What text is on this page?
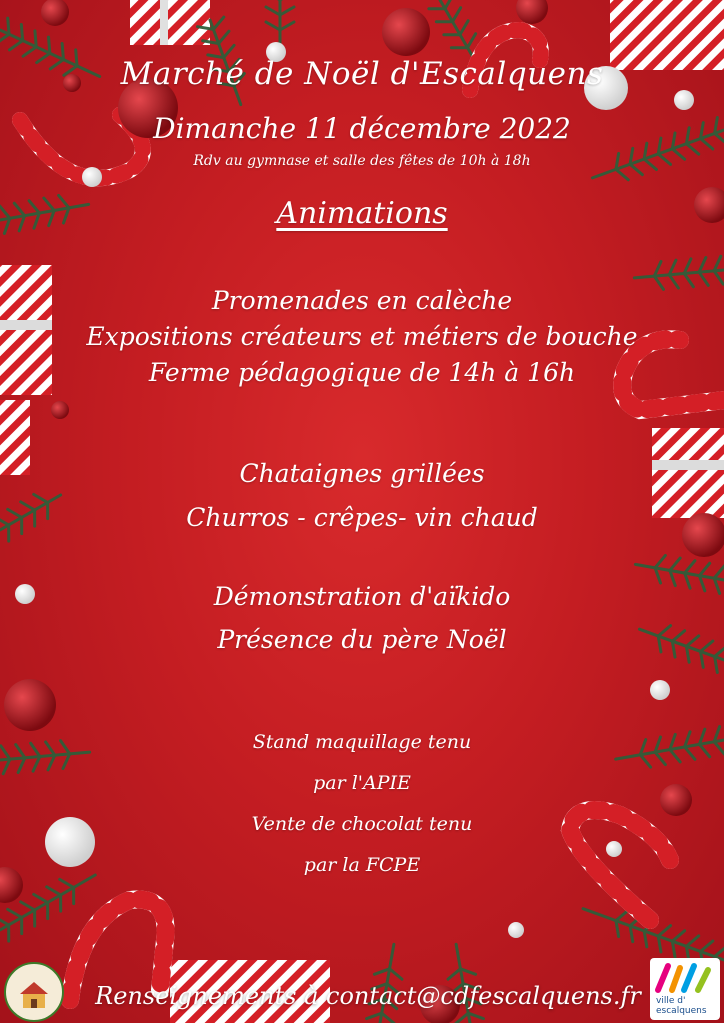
Marché de Noël d'Escalquens
Dimanche 11 décembre 2022
Rdv au gymnase et salle des fêtes de 10h à 18h
Animations
Promenades en calèche
Expositions créateurs et métiers de bouche
Ferme pédagogique de 14h à 16h
Chataignes grillées
Churros - crêpes- vin chaud
Démonstration d'aïkido
Présence du père Noël
Stand maquillage tenu
par l'APIE
Vente de chocolat tenu
par la FCPE
Renseignements à contact@cdfescalquens.fr	ville d'
escalquens
